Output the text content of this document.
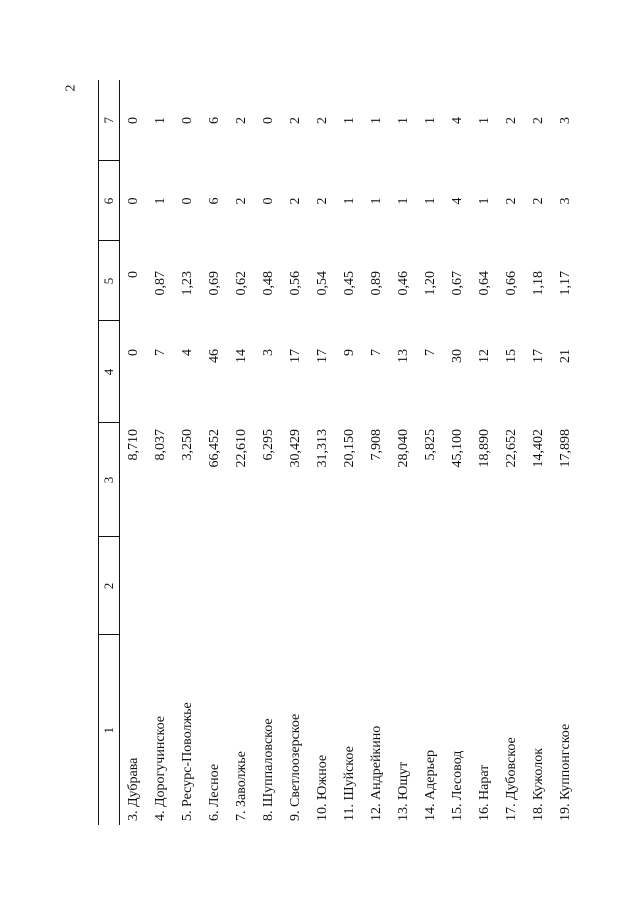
2
1	2	3	4	5	6	7
3. Дубрава		8,710	0	0	0	0
4. Дорогучинское		8,037	7	0,87	1	1
5. Ресурс-Поволжье		3,250	4	1,23	0	0
6. Лесное		66,452	46	0,69	6	6
7. Заволжье		22,610	14	0,62	2	2
8. Шуппаловское		6,295	3	0,48	0	0
9. Светлоозерское		30,429	17	0,56	2	2
10. Южное		31,313	17	0,54	2	2
11. Шуйское		20,150	9	0,45	1	1
12. Андрейкино		7,908	7	0,89	1	1
13. Ющут		28,040	13	0,46	1	1
14. Адерьер		5,825	7	1,20	1	1
15. Лесовод		45,100	30	0,67	4	4
16. Нарат		18,890	12	0,64	1	1
17. Дубовское		22,652	15	0,66	2	2
18. Кужолок		14,402	17	1,18	2	2
19. Куппонгское		17,898	21	1,17	3	3
